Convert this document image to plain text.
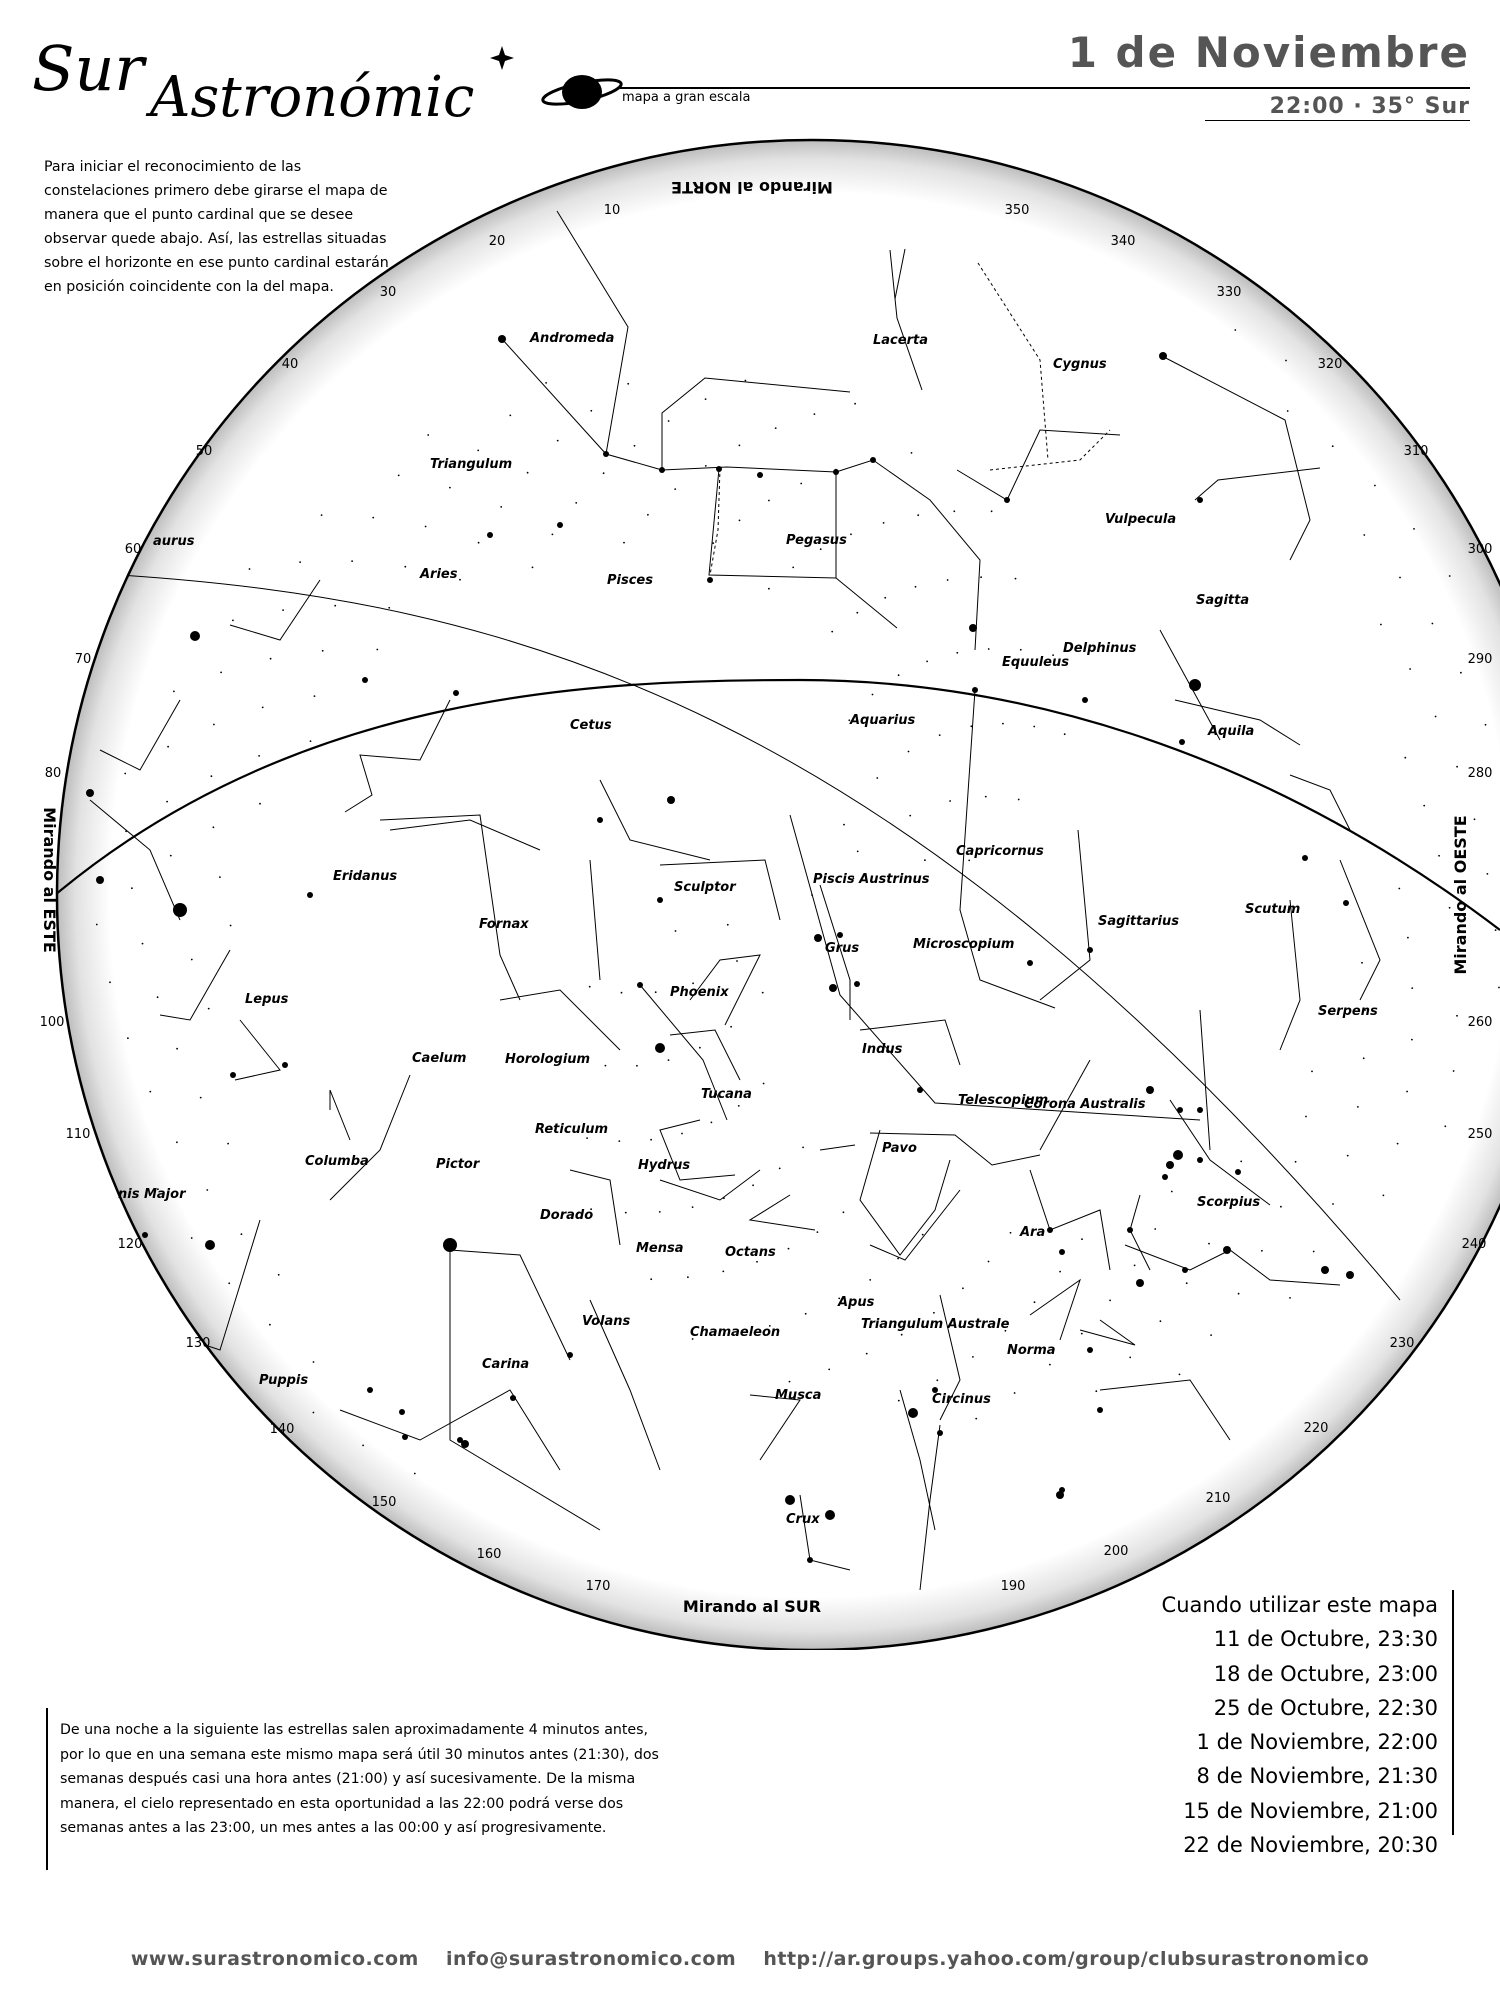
Sur Astronómic	mapa a gran escala
1 de Noviembre
22:00 · 35° Sur
Para iniciar el reconocimiento de las constelaciones primero debe girarse el mapa de manera que el punto cardinal que se desee observar quede abajo. Así, las estrellas situadas sobre el horizonte en ese punto cardinal estarán en posición coincidente con la del mapa.
Andromeda	Lacerta
Cygnus
Triangulum
Pegasus
Vulpecula
aurus
Aries	Pisces
Sagitta
Equuleus
Delphinus
Cetus	Aquarius
Aquila
Capricornus
Eridanus
Sculptor
Piscis Austrinus
Scutum
Fornax	Sagittarius
Grus	Microscopium
Phoenix
Lepus
Serpens
Caelum	Horologium
Indus
Tucana	Telescopium
Corona Australis
Reticulum
Columba	Pictor	Hydrus
Pavo
nis Major
Dorado
Scorpius
Ara
Mensa	Octans
Apus
Volans
Chamaeleon
Triangulum Australe
Norma
Carina
Puppis
Musca	Circinus
Crux
10
20
30
40
50
60
70
80
100
110
120
130
140
150
160
170	190
200
210
220
230
240
250
260
280
290
300
310
320
330
340
350
Mirando al NORTE
Mirando al SUR
Mirando al ESTE	Mirando al OESTE
Cuando utilizar este mapa
11 de Octubre, 23:30
18 de Octubre, 23:00
25 de Octubre, 22:30
1 de Noviembre, 22:00
8 de Noviembre, 21:30
15 de Noviembre, 21:00
22 de Noviembre, 20:30
De una noche a la siguiente las estrellas salen aproximadamente 4 minutos antes, por lo que en una semana este mismo mapa será útil 30 minutos antes (21:30), dos semanas después casi una hora antes (21:00) y así sucesivamente. De la misma manera, el cielo representado en esta oportunidad a las 22:00 podrá verse dos semanas antes a las 23:00, un mes antes a las 00:00 y así progresivamente.
www.surastronomico.com info@surastronomico.com http://ar.groups.yahoo.com/group/clubsurastronomico
